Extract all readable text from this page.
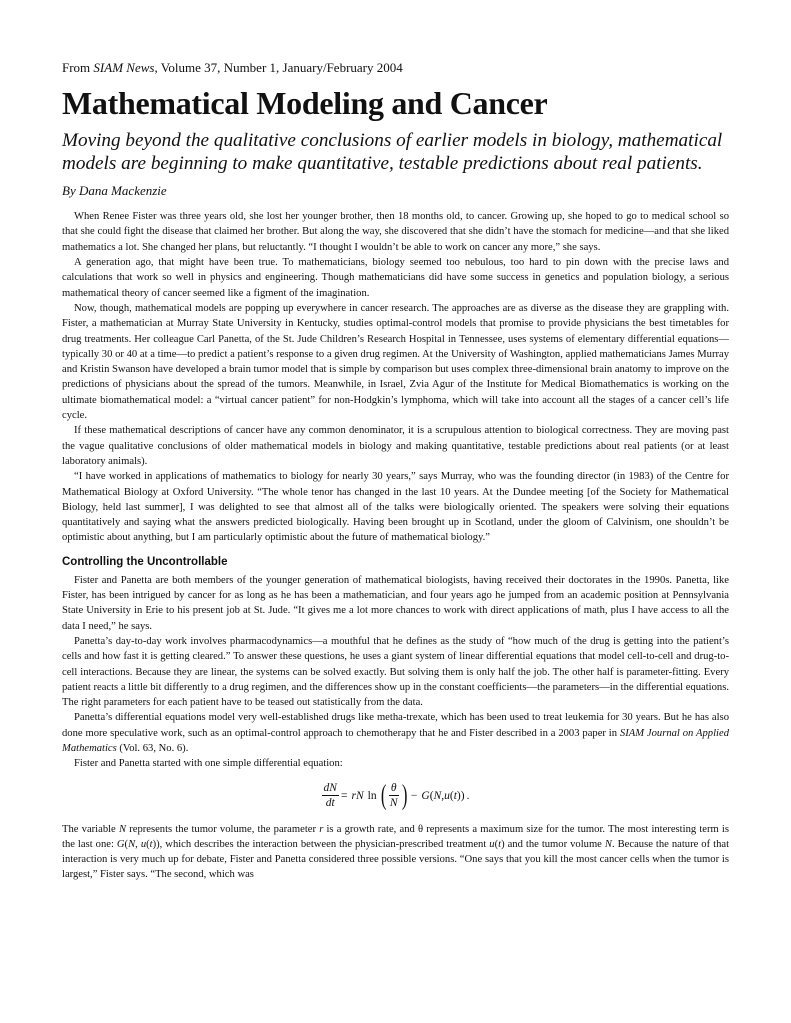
From SIAM News, Volume 37, Number 1, January/February 2004
Mathematical Modeling and Cancer
Moving beyond the qualitative conclusions of earlier models in biology, mathematical models are beginning to make quantitative, testable predictions about real patients.
By Dana Mackenzie

When Renee Fister was three years old, she lost her younger brother, then 18 months old, to cancer. Growing up, she hoped to go to medical school so that she could fight the disease that claimed her brother. But along the way, she discovered that she didn’t have the stomach for medicine—and that she liked mathematics a lot. She changed her plans, but reluctantly. “I thought I wouldn’t be able to work on cancer any more,” she says.

A generation ago, that might have been true. To mathematicians, biology seemed too nebulous, too hard to pin down with the precise laws and calculations that work so well in physics and engineering. Though mathematicians did have some success in genetics and population biology, a serious mathematical theory of cancer seemed like a figment of the imagination.

Now, though, mathematical models are popping up everywhere in cancer research. The approaches are as diverse as the disease they are grappling with. Fister, a mathematician at Murray State University in Kentucky, studies optimal-control models that promise to provide physicians the best timetables for drug treatments. Her colleague Carl Panetta, of the St. Jude Children’s Research Hospital in Tennessee, uses systems of elementary differential equations—typically 30 or 40 at a time—to predict a patient’s response to a given drug regimen. At the University of Washington, applied mathematicians James Murray and Kristin Swanson have developed a brain tumor model that is simple by comparison but uses complex three-dimensional brain anatomy to improve on the predictions of physicians about the spread of the tumors. Meanwhile, in Israel, Zvia Agur of the Institute for Medical Biomathematics is working on the ultimate biomathematical model: a “virtual cancer patient” for non-Hodgkin’s lymphoma, which will take into account all the stages of a cancer cell’s life cycle.

If these mathematical descriptions of cancer have any common denominator, it is a scrupulous attention to biological correctness. They are moving past the vague qualitative conclusions of older mathematical models in biology and making quantitative, testable predictions about real patients (or at least laboratory animals).

“I have worked in applications of mathematics to biology for nearly 30 years,” says Murray, who was the founding director (in 1983) of the Centre for Mathematical Biology at Oxford University. “The whole tenor has changed in the last 10 years. At the Dundee meeting [of the Society for Mathematical Biology, held last summer], I was delighted to see that almost all of the talks were biologically oriented. The speakers were solving their equations quantitatively and saying what the answers predicted biologically. Having been brought up in Scotland, under the gloom of Calvinism, one shouldn’t be optimistic about anything, but I am particularly optimistic about the future of mathematical biology.”

Controlling the Uncontrollable

Fister and Panetta are both members of the younger generation of mathematical biologists, having received their doctorates in the 1990s. Panetta, like Fister, has been intrigued by cancer for as long as he has been a mathematician, and four years ago he jumped from an academic position at Pennsylvania State University in Erie to his present job at St. Jude. “It gives me a lot more chances to work with direct applications of math, plus I have access to all the data I need,” he says.

Panetta’s day-to-day work involves pharmacodynamics—a mouthful that he defines as the study of “how much of the drug is getting into the patient’s cells and how fast it is getting cleared.” To answer these questions, he uses a giant system of linear differential equations that model cell-to-cell and drug-to-cell interactions. Because they are linear, the systems can be solved exactly. But solving them is only half the job. The other half is parameter-fitting. Every patient reacts a little bit differently to a drug regimen, and the differences show up in the constant coefficients—the parameters—in the differential equations. The right parameters for each patient have to be teased out statistically from the data.

Panetta’s differential equations model very well-established drugs like metha-trexate, which has been used to treat leukemia for 30 years. But he has also done more speculative work, such as an optimal-control approach to chemotherapy that he and Fister described in a 2003 paper in SIAM Journal on Applied Mathematics (Vol. 63, No. 6).

Fister and Panetta started with one simple differential equation:

$\frac{dN}{dt}$ = rN ln ( $\frac{\theta}{N}$ ) − G(N,u(t)) .

The variable N represents the tumor volume, the parameter r is a growth rate, and θ represents a maximum size for the tumor. The most interesting term is the last one: G(N, u(t)), which describes the interaction between the physician-prescribed treatment u(t) and the tumor volume N. Because the nature of that interaction is very much up for debate, Fister and Panetta considered three possible versions. “One says that you kill the most cancer cells when the tumor is largest,” Fister says. “The second, which was
